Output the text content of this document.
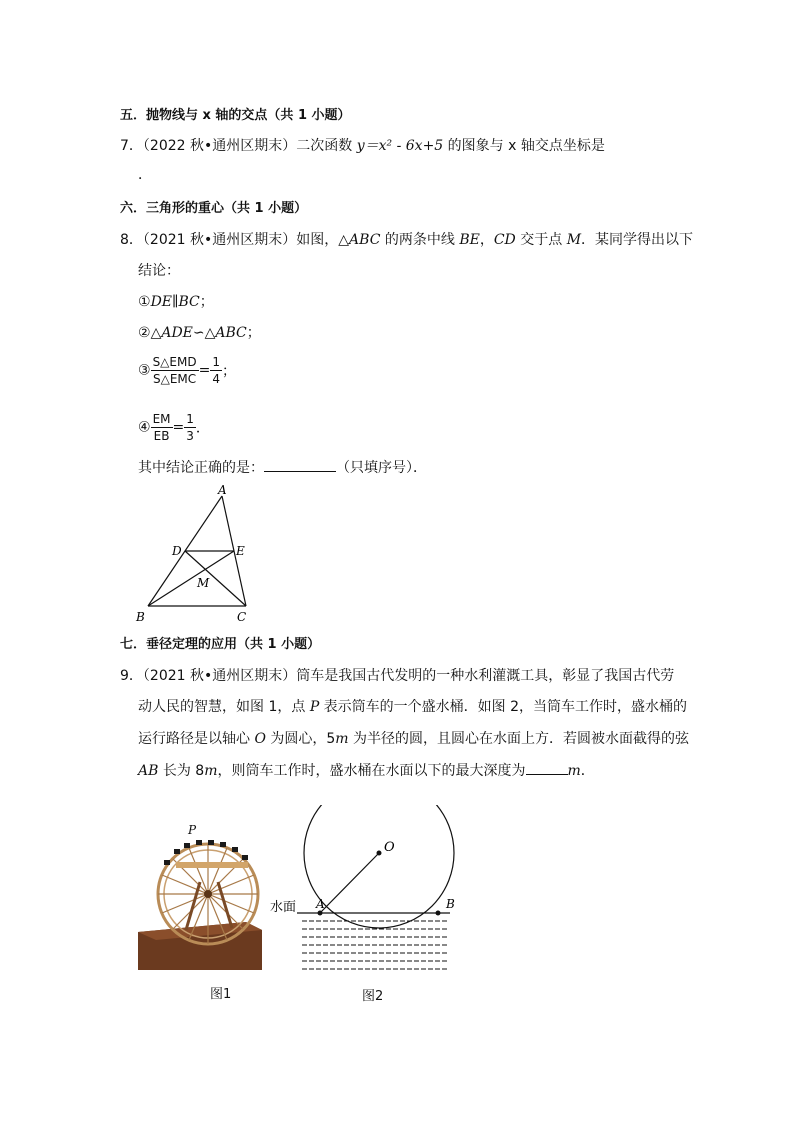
五．抛物线与 x 轴的交点（共 1 小题）
7．（2022 秋•通州区期末）二次函数 y＝x² - 6x+5 的图象与 x 轴交点坐标是
．
六．三角形的重心（共 1 小题）
8．（2021 秋•通州区期末）如图，△ABC 的两条中线 BE，CD 交于点 M．某同学得出以下
结论：
①DE∥BC；
②△ADE∽△ABC；
③ $\frac{\text{S△EMD}}{\text{S△EMC}} = \frac{1}{4}$ ；
④ $\frac{EM}{EB} = \frac{1}{3}$ ．
其中结论正确的是：	（只填序号）．
A
B	C
D	E
M
七．垂径定理的应用（共 1 小题）
9．（2021 秋•通州区期末）筒车是我国古代发明的一种水利灌溉工具，彰显了我国古代劳
动人民的智慧，如图 1，点 P 表示筒车的一个盛水桶．如图 2，当筒车工作时，盛水桶的
运行路径是以轴心 O 为圆心，5m 为半径的圆，且圆心在水面上方．若圆被水面截得的弦
AB 长为 8m，则筒车工作时，盛水桶在水面以下的最大深度为	m．
P
图1
O
A	B
水面
图2
